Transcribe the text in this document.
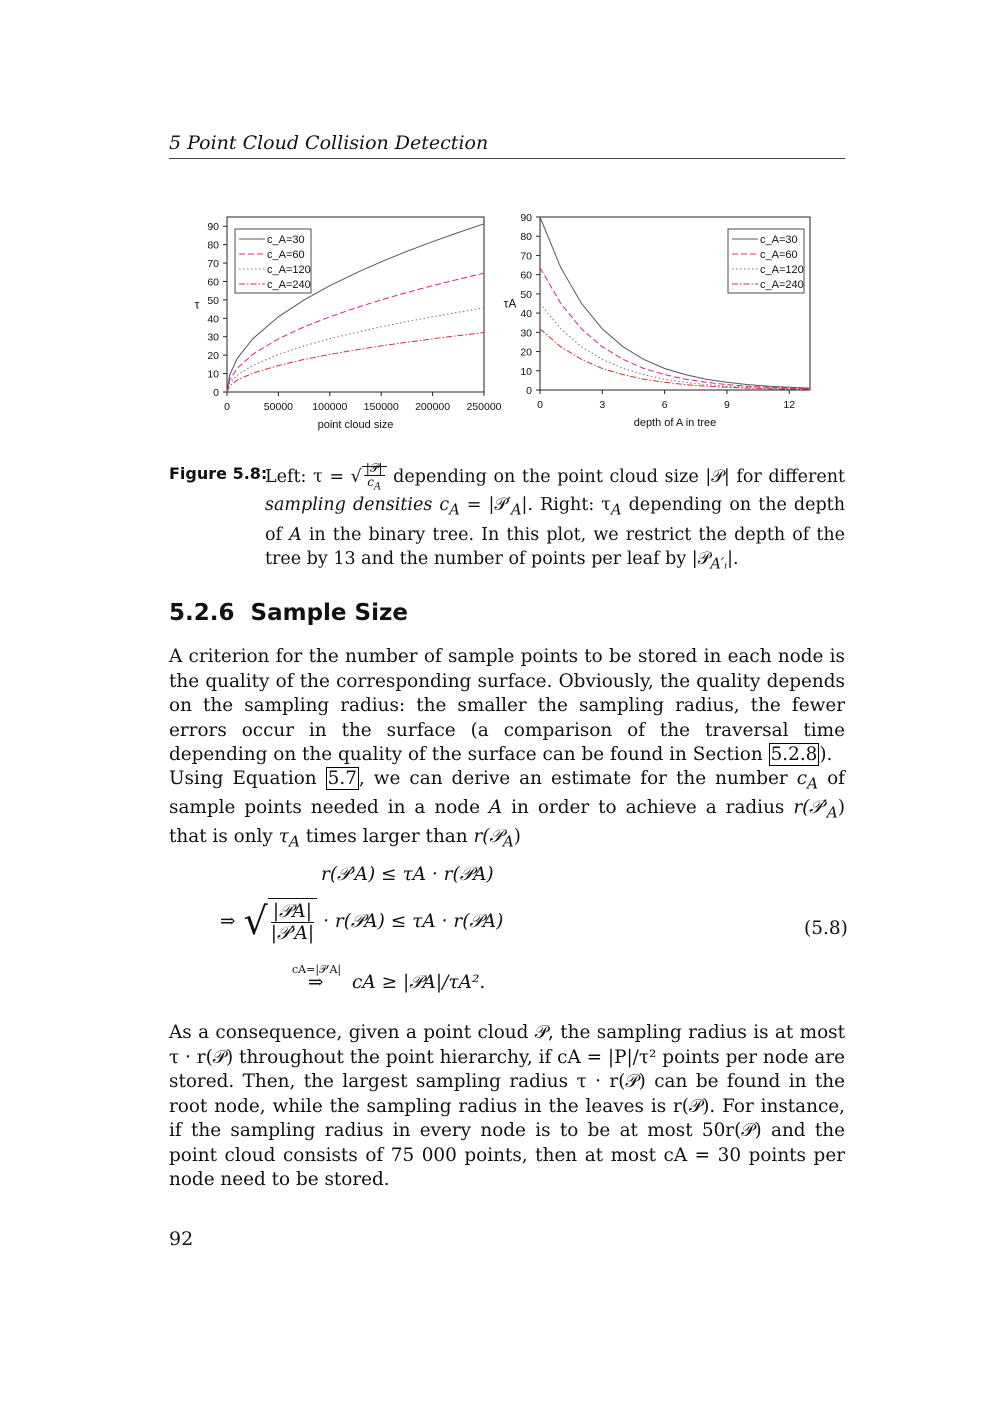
5 Point Cloud Collision Detection
0
10
20
30
40
50
60
70
80
90
0	50000 100000 150000 200000 250000
point cloud size
τ
c_A=30
c_A=60
c_A=120
c_A=240
0
10
20
30
40
50
60
70
80
90
0	3	6	9	12
depth of A in tree
τA
c_A=30
c_A=60
c_A=120
c_A=240
Figure 5.8:
Left: τ = √ $\frac{\text{|𝒫|}}{c_A}$ depending on the point cloud size |𝒫| for different sampling densities $c_A$ = $|𝒫'_A|$. Right: $\tau_A$ depending on the depth of A in the binary tree. In this plot, we restrict the depth of the tree by 13 and the number of points per leaf by |𝒫$_{A'ᵢ}$|.
5.2.6 Sample Size

A criterion for the number of sample points to be stored in each node is the quality of the corresponding surface. Obviously, the quality depends on the sampling radius: the smaller the sampling radius, the fewer errors occur in the surface (a comparison of the traversal time depending on the quality of the surface can be found in Section 5.2.8 ).

Using Equation 5.7 , we can derive an estimate for the number $c_A$ of sample points needed in a node A in order to achieve a radius $r(𝒫'_A)$ that is only $\tau_A$ times larger than r(𝒫$_A$)

r(𝒫′A) ≤ τA · r(𝒫A)
⇒ √ |𝒫A|
|𝒫′A|
· r(𝒫A) ≤ τA · r(𝒫A)
cA=|𝒫′A|
⇒ cA ≥ |𝒫A|/τA².
(5.8)

As a consequence, given a point cloud 𝒫, the sampling radius is at most τ · r(𝒫) throughout the point hierarchy, if cA = |P|/τ² points per node are stored. Then, the largest sampling radius τ · r(𝒫) can be found in the root node, while the sampling radius in the leaves is r(𝒫). For instance, if the sampling radius in every node is to be at most 50r(𝒫) and the point cloud consists of 75 000 points, then at most cA = 30 points per node need to be stored.

92
